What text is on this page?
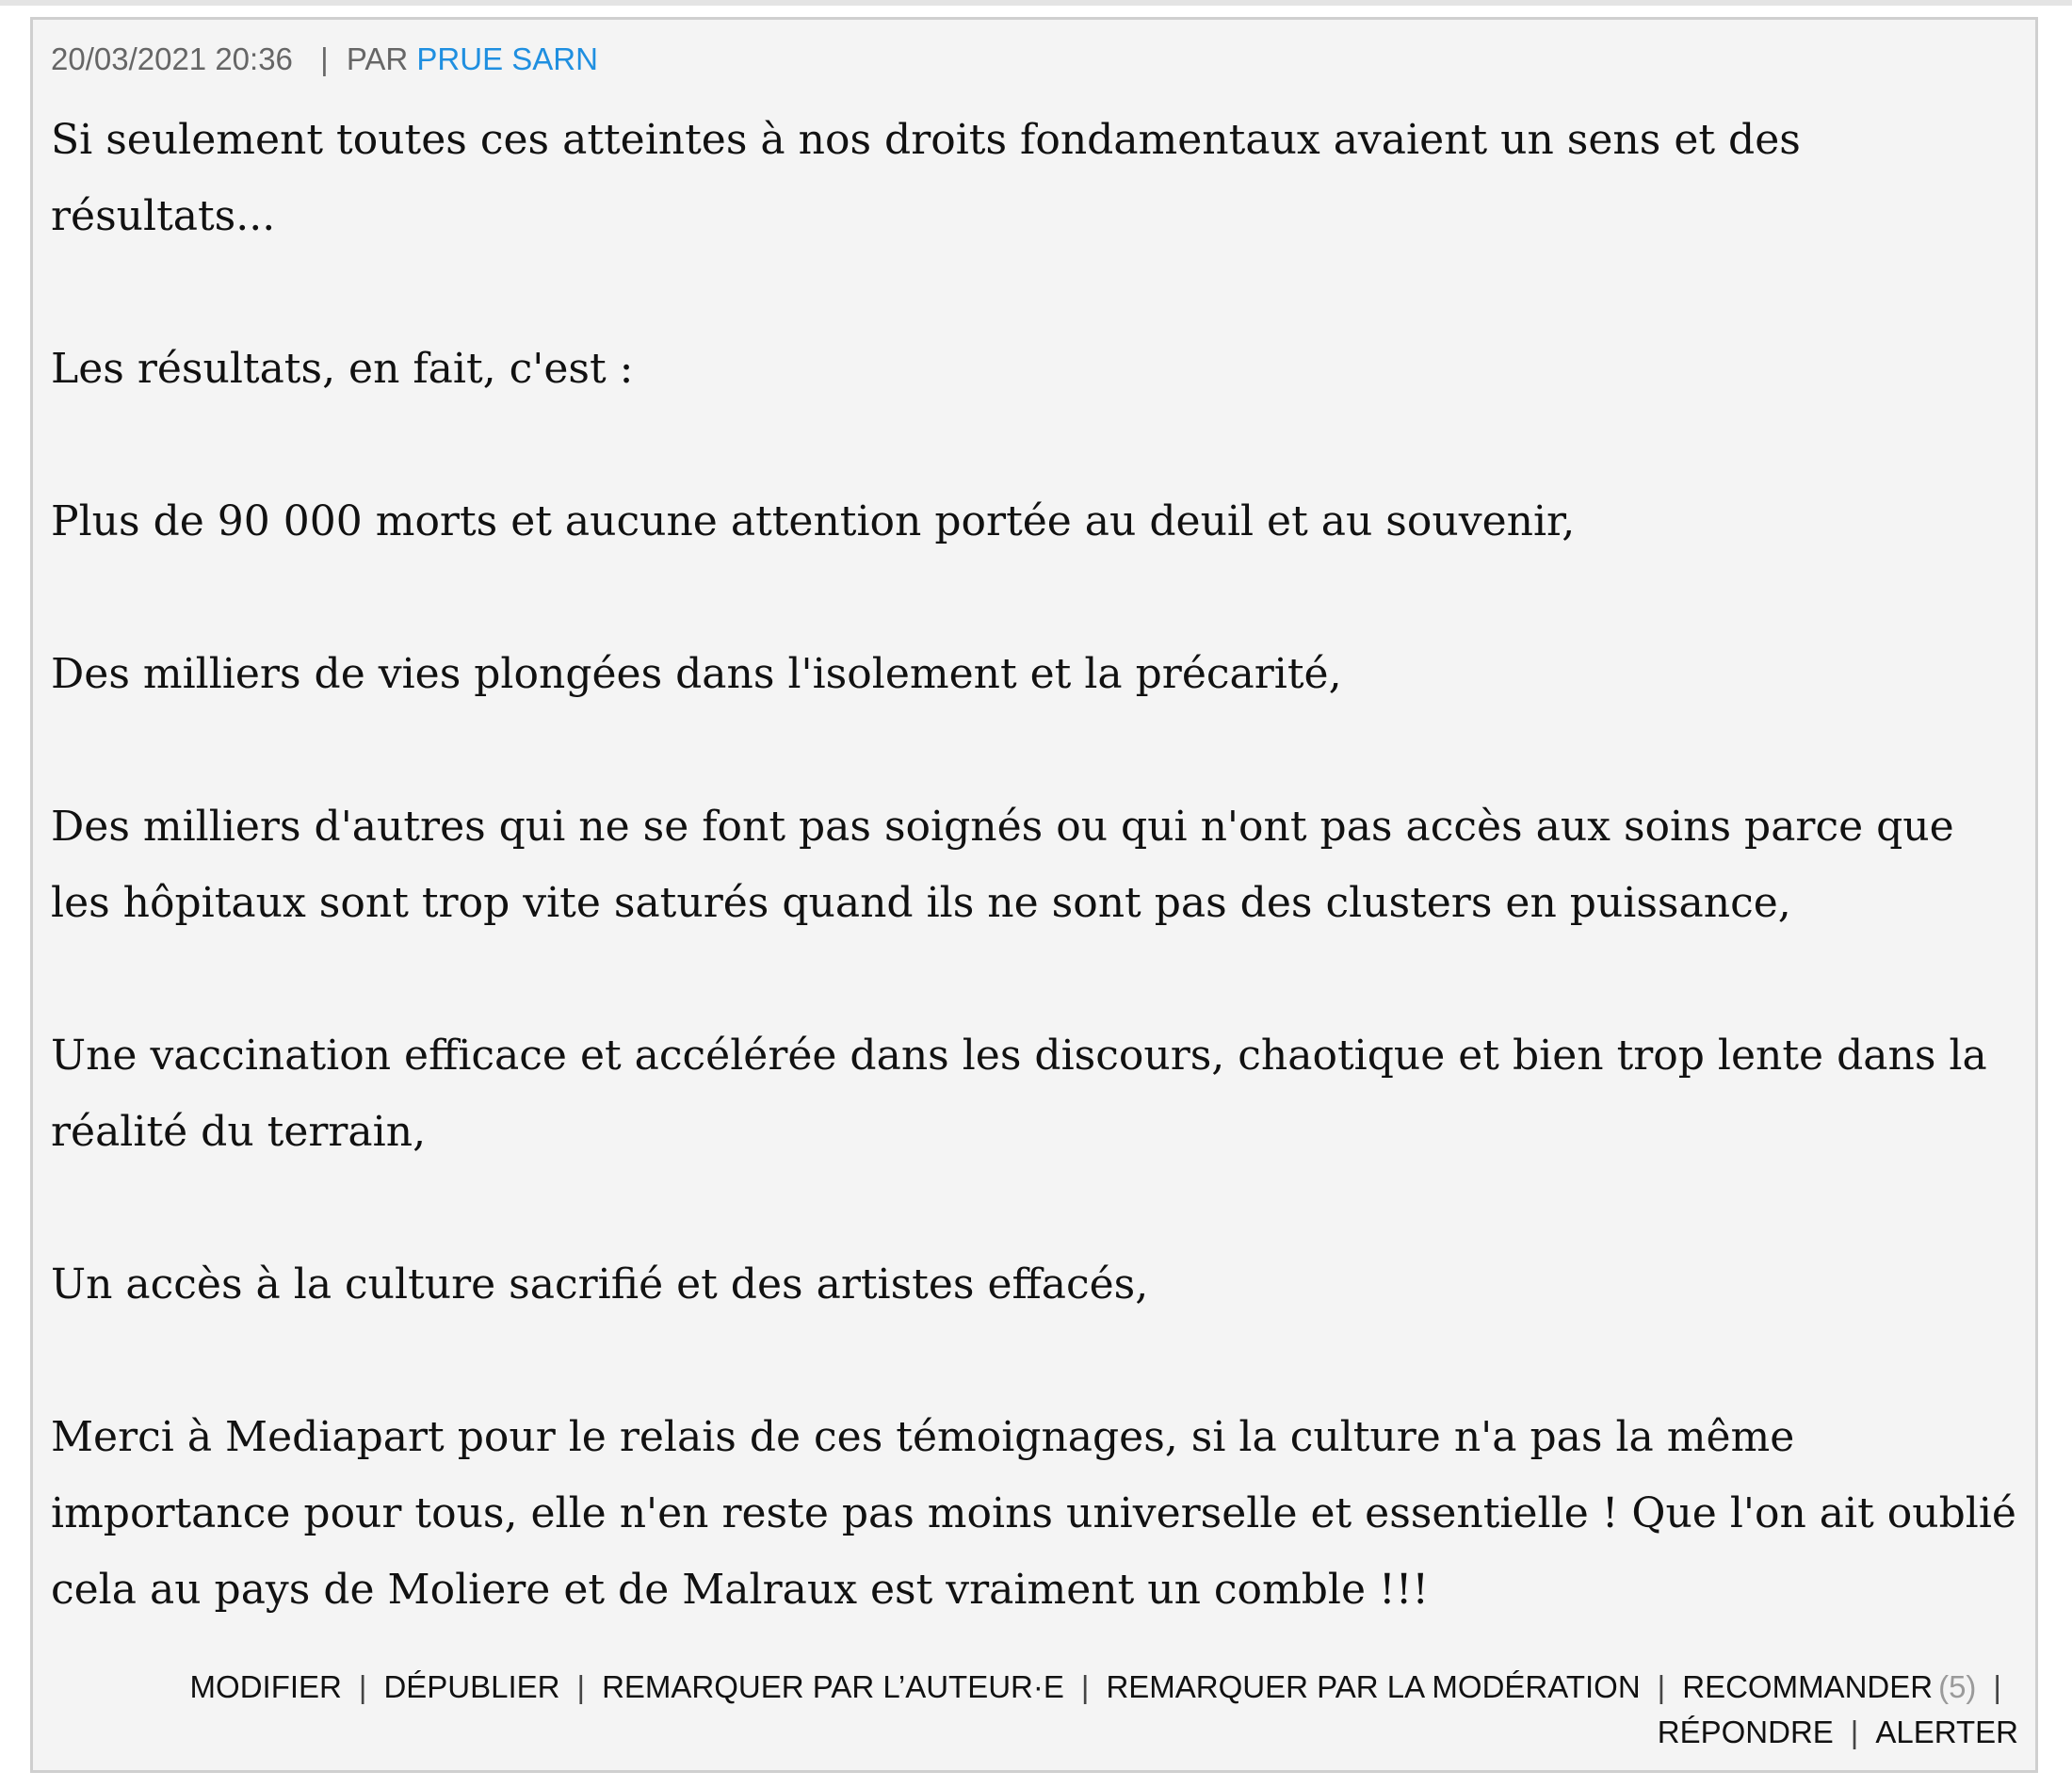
20/03/2021 20:36 | PAR PRUE SARN

Si seulement toutes ces atteintes à nos droits fondamentaux avaient un sens et des résultats...

Les résultats, en fait, c'est :

Plus de 90 000 morts et aucune attention portée au deuil et au souvenir,

Des milliers de vies plongées dans l'isolement et la précarité,

Des milliers d'autres qui ne se font pas soignés ou qui n'ont pas accès aux soins parce que les hôpitaux sont trop vite saturés quand ils ne sont pas des clusters en puissance,

Une vaccination efficace et accélérée dans les discours, chaotique et bien trop lente dans la réalité du terrain,

Un accès à la culture sacrifié et des artistes effacés,

Merci à Mediapart pour le relais de ces témoignages, si la culture n'a pas la même importance pour tous, elle n'en reste pas moins universelle et essentielle ! Que l'on ait oublié cela au pays de Moliere et de Malraux est vraiment un comble !!!

MODIFIER | DÉPUBLIER | REMARQUER PAR L’AUTEUR·E | REMARQUER PAR LA MODÉRATION | RECOMMANDER (5) |
RÉPONDRE | ALERTER
